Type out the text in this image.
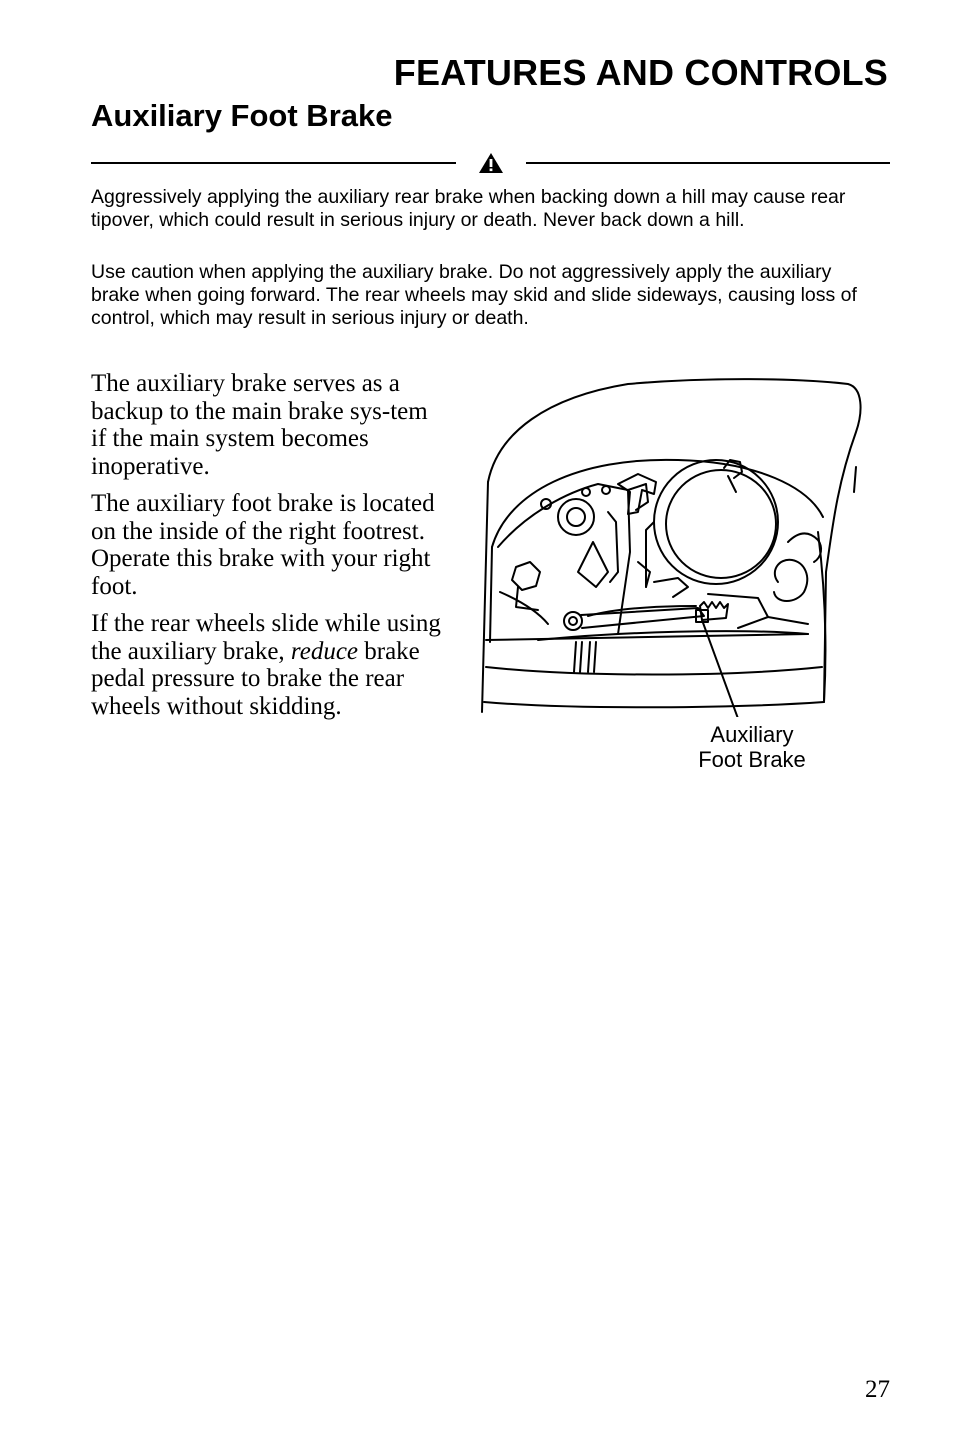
FEATURES AND CONTROLS
Auxiliary Foot Brake

Aggressively applying the auxiliary rear brake when backing down a hill may cause rear tipover, which could result in serious injury or death. Never back down a hill.

Use caution when applying the auxiliary brake. Do not aggressively apply the auxiliary brake when going forward. The rear wheels may skid and slide sideways, causing loss of control, which may result in serious injury or death.

The auxiliary brake serves as a backup to the main brake sys-tem if the main system becomes inoperative.

The auxiliary foot brake is located on the inside of the right footrest. Operate this brake with your right foot.

If the rear wheels slide while using the auxiliary brake, reduce brake pedal pressure to brake the rear wheels without skidding.

Auxiliary
Foot Brake
27
